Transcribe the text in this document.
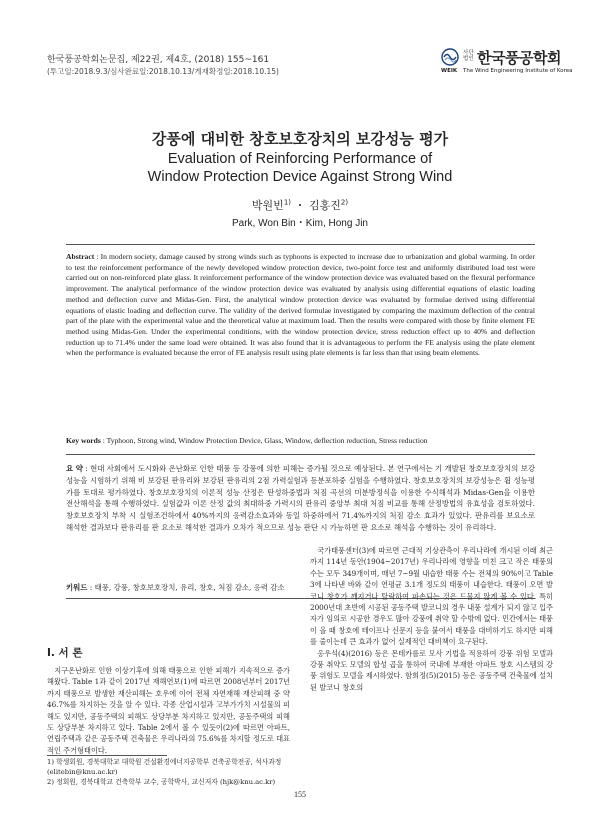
한국풍공학회논문집, 제22권, 제4호, (2018) 155~161
(투고일:2018.9.3/심사완료일:2018.10.13/게재확정일:2018.10.15)
사단
법인 한국풍공학회
WEIK The Wind Engineering Institute of Korea
강풍에 대비한 창호보호장치의 보강성능 평가
Evaluation of Reinforcing Performance of
Window Protection Device Against Strong Wind
박원빈$^{1)}$ ・ 김홍진$^{2)}$
Park, Won Bin・Kim, Hong Jin
Abstract : In modern society, damage caused by strong winds such as typhoons is expected to increase due to urbanization and global warming. In order to test the reinforcement performance of the newly developed window protection device, two-point force test and uniformly distributed load test were carried out on non-reinforced plate glass. It reinforcement performance of the window protection device was evaluated based on the flexural performance improvement. The analytical performance of the window protection device was evaluated by analysis using differential equations of elastic loading method and deflection curve and Midas-Gen. First, the analytical window protection device was evaluated by formulae derived using differential equations of elastic loading and deflection curve. The validity of the derived formulae investigated by comparing the maximum deflection of the central part of the plate with the experimental value and the theoretical value at maximum load. Then the results were compared with those by finite element FE method using Midas-Gen. Under the experimental conditions, with the window protection device, stress reduction effect up to 40% and deflection reduction up to 71.4% under the same load were obtained. It was also found that it is advantageous to perform the FE analysis using the plate element when the performance is evaluated because the error of FE analysis result using plate elements is far less than that using beam elements.
Key words : Typhoon, Strong wind, Window Protection Device, Glass, Window, deflection reduction, Stress reduction
요 약 : 현대 사회에서 도시화와 온난화로 인한 태풍 등 강풍에 의한 피해는 증가될 것으로 예상된다. 본 연구에서는 기 개발된 창호보호장치의 보강성능을 시험하기 위해 비 보강된 판유리와 보강된 판유리의 2점 가력실험과 등분포하중 실험을 수행하였다. 창호보호장치의 보강성능은 휨 성능평가를 토대로 평가하였다. 창호보호장치의 이론적 성능 산정은 탄성하중법과 처짐 곡선의 미분방정식을 이용한 수식해석과 Midas-Gen을 이용한 전산해석을 통해 수행하였다. 실험값과 이론 산정 값의 최대하중 가력시의 판유리 중앙부 최대 처짐 비교를 통해 산정방법의 유효성을 검토하였다. 창호보호장치 부착 시 실험조건하에서 40%까지의 응력감소효과와 동일 하중하에서 71.4%까지의 처짐 감소 효과가 있었다. 판유리를 보요소로 해석한 결과보다 판유리를 판 요소로 해석한 결과가 오차가 적으므로 성능 판단 시 가능하면 판 요소로 해석을 수행하는 것이 유리하다.
키워드 : 태풍, 강풍, 창호보호장치, 유리, 창호, 처짐 감소, 응력 감소
I. 서 론

지구온난화로 인한 이상기후에 의해 태풍으로 인한 피해가 지속적으로 증가해왔다. Table 1과 같이 2017년 재해연보(1)에 따르면 2008년부터 2017년까지 태풍으로 발생한 재산피해는 호우에 이어 전체 자연재해 재산피해 중 약 46.7%를 차지하는 것을 알 수 있다. 각종 산업시설과 고부가가치 시설물의 피해도 있지만, 공동주택의 피해도 상당부분 차지하고 있지만, 공동주택의 피해도 상당부분 차지하고 있다. Table 2에서 볼 수 있듯이(2)에 따르면 아파트, 연립주택과 같은 공동주택 건축물은 우리나라의 75.6%를 차지할 정도로 대표적인 주거형태이다.

1) 학생회원, 경북대학교 대학원 건설환경에너지공학부 건축공학전공, 석사과정 (elitebin@knu.ac.kr)

2) 정회원, 경북대학교 건축학부 교수, 공학박사, 교신저자 (hjk@knu.ac.kr)

국가태풍센터(3)에 따르면 근대적 기상관측이 우리나라에 개시된 이래 최근까지 114년 동안(1904~2017년) 우리나라에 영향을 미친 크고 작은 태풍의 수는 모두 349개이며, 매년 7~9월 내습한 태풍 수는 전체의 90%이고 Table 3에 나타낸 바와 같이 연평균 3.1개 정도의 태풍이 내습한다. 태풍이 오면 발코니 창호가 깨지거나 탈락하여 파손되는 것은 드물지 않게 볼 수 있다. 특히 2000년대 초반에 시공된 공동주택 발코니의 경우 내풍 설계가 되지 않고 입주자가 임의로 시공한 경우도 많아 강풍에 취약 할 수밖에 없다. 민간에서는 태풍이 올 때 창호에 테이프나 신문지 등을 붙여서 태풍을 대비하기도 하지만 피해를 줄이는데 큰 효과가 없어 실제적인 대비책이 요구된다.

옹우석(4)(2016) 등은 몬테카를로 모사 기법을 적용하여 강풍 위험 모델과 강풍 취약도 모델의 합성 곱을 통하여 국내에 부재한 아파트 창호 시스템의 강풍 위험도 모델을 제시하였다. 함희정(5)(2015) 등은 공동주택 건축물에 설치된 발코니 창호의

155
